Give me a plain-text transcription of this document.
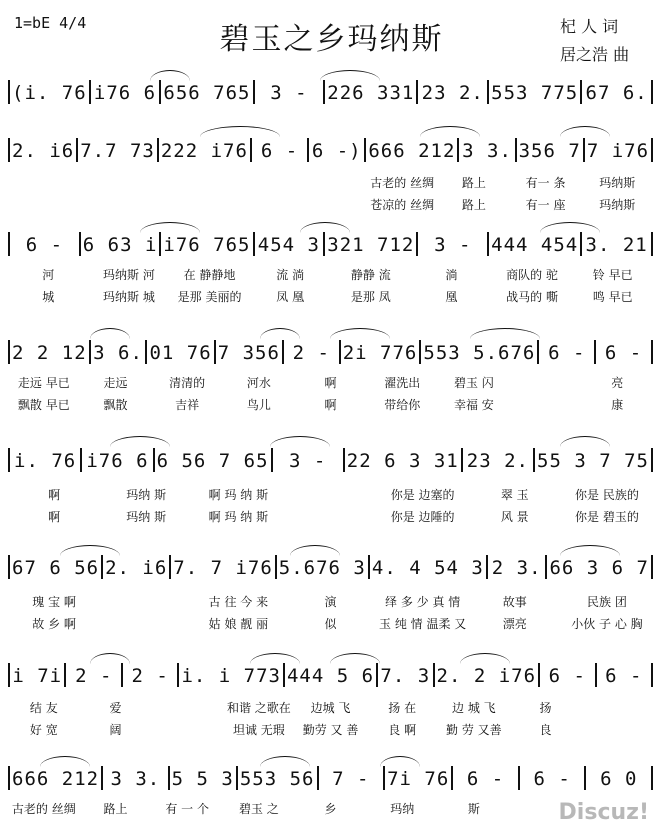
1=bE 4/4	碧玉之乡玛纳斯	杞 人 词
居之浩 曲
(i. 76 i76 6 656 765 3 - 226 331 23 2. 553 775 67 6.
2. i6 7.7 73 222 i76 6 - 6 -) 666 212 3 3. 356 7 7 i76
古老的 丝绸	路上	有一 条	玛纳斯
苍凉的 丝绸	路上	有一 座	玛纳斯
6 - 6 63 i i76 765 454 3 321 712 3 - 444 454 3. 21
河	玛纳斯 河	在 静静地	流 淌	静静 流	淌	商队的 驼	铃 早已
城	玛纳斯 城	是那 美丽的	凤 凰	是那 凤	凰	战马的 嘶	鸣 早已
2 2 12 3 6. 01 76 7 356 2 - 2i 776 553 5.676 6 - 6 -
走远 早已	走远	清清的	河水	啊	濯洗出	碧玉 闪	亮
飘散 早已	飘散	吉祥	鸟儿	啊	带给你	幸福 安	康
i. 76 i76 6 6 56 7 65 3 - 22 6 3 31 23 2. 55 3 7 75
啊	玛纳 斯	啊 玛 纳 斯	你是 边塞的	翠 玉	你是 民族的
啊	玛纳 斯	啊 玛 纳 斯	你是 边陲的	风 景	你是 碧玉的
67 6 56 2. i6 7. 7 i76 5.676 3 4. 4 54 3 2 3. 66 3 6 7
瑰 宝 啊	古 往 今 来	演	绎 多 少 真 情	故事	民族 团
故 乡 啊	姑 娘 靓 丽	似	玉 纯 情 温柔 又	漂亮	小伙 子 心 胸
i 7i 2 - 2 - i. i 773 444 5 6 7. 3 2. 2 i76 6 - 6 -
结 友	爱	和谐 之歌在	边城 飞	扬 在	边 城 飞	扬
好 宽	阔	坦诚 无瑕	勤劳 又 善	良 啊	勤 劳 又善	良
666 212 3 3. 5 5 3 553 56 7 - 7i 76 6 - 6 - 6 0
古老的 丝绸	路上	有 一 个	碧玉 之	乡	玛纳	斯	Discuz!
